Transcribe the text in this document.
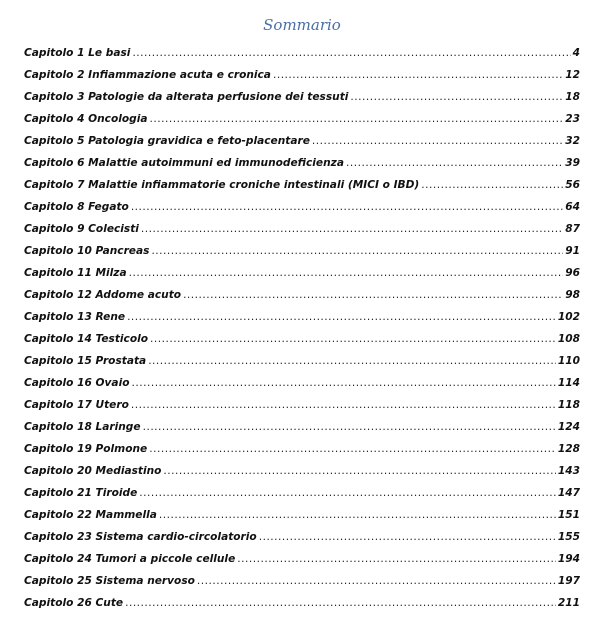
Sommario
Capitolo 1 Le basi .....	4
Capitolo 2 Infiammazione acuta e cronica .....	12
Capitolo 3 Patologie da alterata perfusione dei tessuti .....	18
Capitolo 4 Oncologia .....	23
Capitolo 5 Patologia gravidica e feto-placentare .....	32
Capitolo 6 Malattie autoimmuni ed immunodeficienza .....	39
Capitolo 7 Malattie infiammatorie croniche intestinali (MICI o IBD) .....	56
Capitolo 8 Fegato .....	64
Capitolo 9 Colecisti .....	87
Capitolo 10 Pancreas .....	91
Capitolo 11 Milza .....	96
Capitolo 12 Addome acuto .....	98
Capitolo 13 Rene .....	102
Capitolo 14 Testicolo .....	108
Capitolo 15 Prostata .....	110
Capitolo 16 Ovaio .....	114
Capitolo 17 Utero .....	118
Capitolo 18 Laringe .....	124
Capitolo 19 Polmone .....	128
Capitolo 20 Mediastino .....	143
Capitolo 21 Tiroide .....	147
Capitolo 22 Mammella .....	151
Capitolo 23 Sistema cardio-circolatorio .....	155
Capitolo 24 Tumori a piccole cellule .....	194
Capitolo 25 Sistema nervoso .....	197
Capitolo 26 Cute .....	211
